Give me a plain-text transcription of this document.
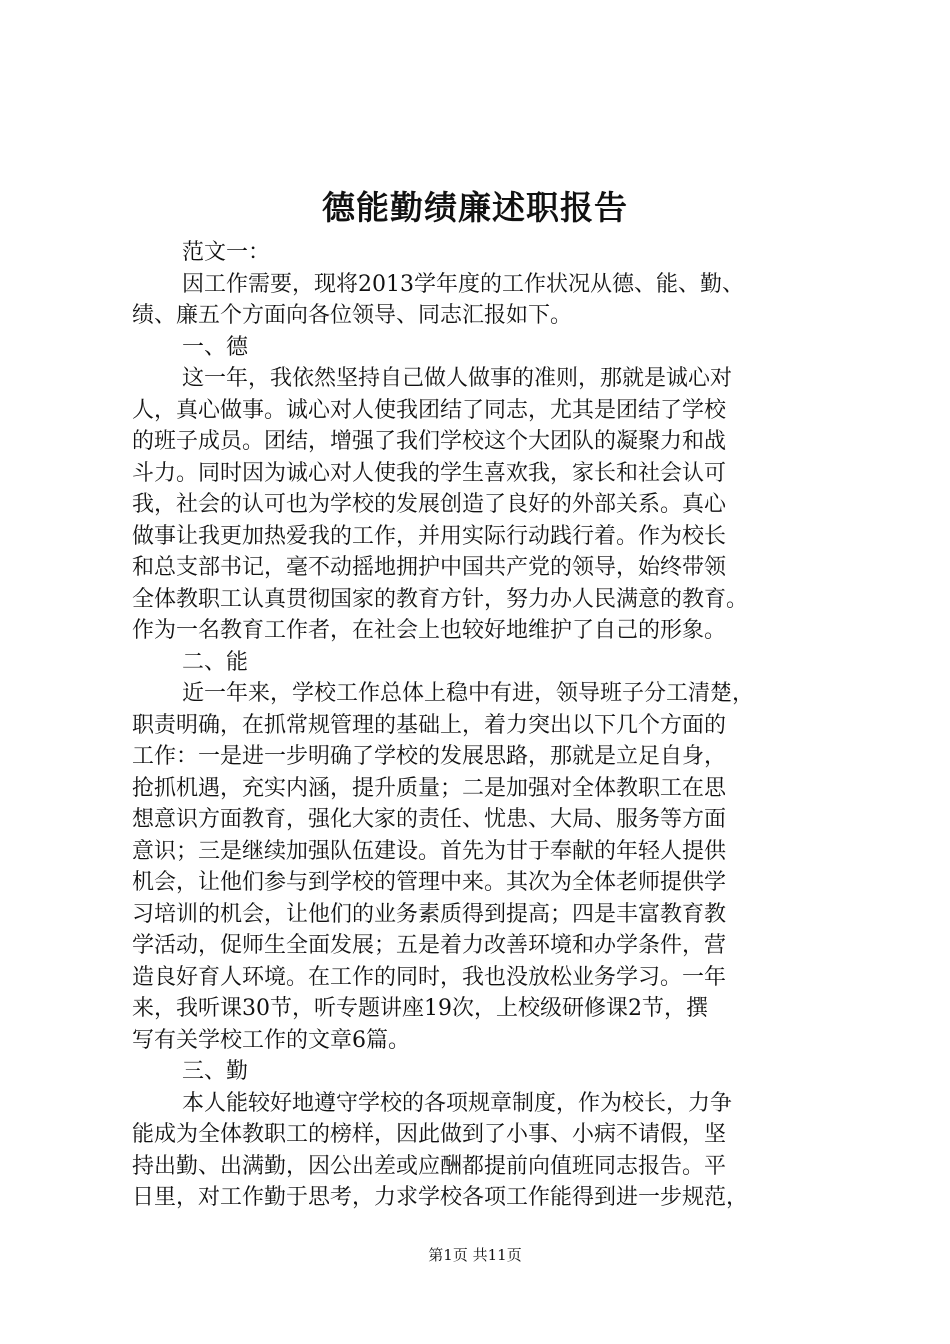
德能勤绩廉述职报告
范文一：
因工作需要，现将2013学年度的工作状况从德、能、勤、
绩、廉五个方面向各位领导、同志汇报如下。
一、德
这一年，我依然坚持自己做人做事的准则，那就是诚心对
人，真心做事。诚心对人使我团结了同志，尤其是团结了学校
的班子成员。团结，增强了我们学校这个大团队的凝聚力和战
斗力。同时因为诚心对人使我的学生喜欢我，家长和社会认可
我，社会的认可也为学校的发展创造了良好的外部关系。真心
做事让我更加热爱我的工作，并用实际行动践行着。作为校长
和总支部书记，毫不动摇地拥护中国共产党的领导，始终带领
全体教职工认真贯彻国家的教育方针，努力办人民满意的教育。
作为一名教育工作者，在社会上也较好地维护了自己的形象。
二、能
近一年来，学校工作总体上稳中有进，领导班子分工清楚，
职责明确，在抓常规管理的基础上，着力突出以下几个方面的
工作：一是进一步明确了学校的发展思路，那就是立足自身，
抢抓机遇，充实内涵，提升质量；二是加强对全体教职工在思
想意识方面教育，强化大家的责任、忧患、大局、服务等方面
意识；三是继续加强队伍建设。首先为甘于奉献的年轻人提供
机会，让他们参与到学校的管理中来。其次为全体老师提供学
习培训的机会，让他们的业务素质得到提高；四是丰富教育教
学活动，促师生全面发展；五是着力改善环境和办学条件，营
造良好育人环境。在工作的同时，我也没放松业务学习。一年
来，我听课30节，听专题讲座19次，上校级研修课2节，撰
写有关学校工作的文章6篇。
三、勤
本人能较好地遵守学校的各项规章制度，作为校长，力争
能成为全体教职工的榜样，因此做到了小事、小病不请假，坚
持出勤、出满勤，因公出差或应酬都提前向值班同志报告。平
日里，对工作勤于思考，力求学校各项工作能得到进一步规范，
第1页 共11页
